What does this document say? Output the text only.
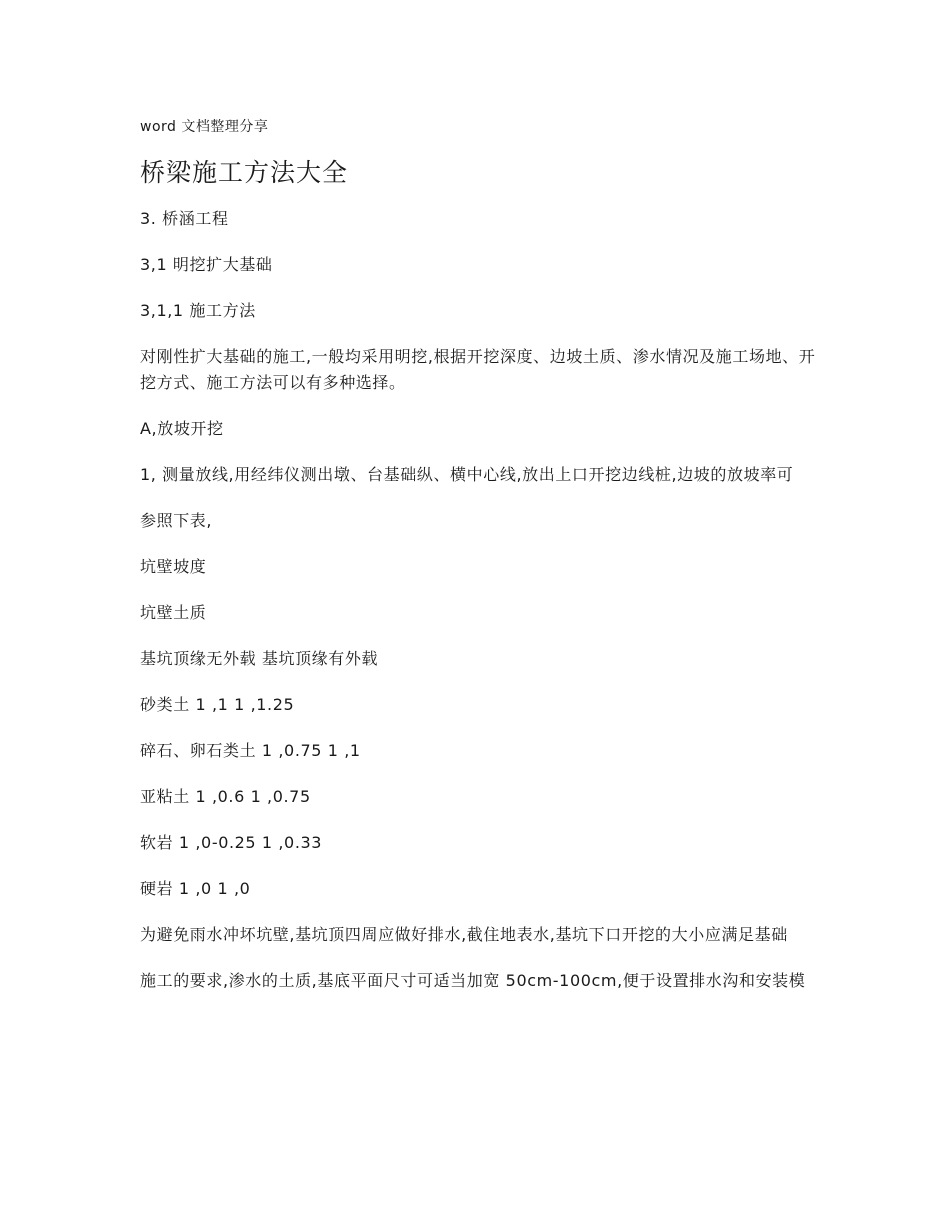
word 文档整理分享
桥梁施工方法大全

3. 桥涵工程

3,1 明挖扩大基础

3,1,1 施工方法

对刚性扩大基础的施工,一般均采用明挖,根据开挖深度、边坡土质、渗水情况及施工场地、开挖方式、施工方法可以有多种选择。

A,放坡开挖

1, 测量放线,用经纬仪测出墩、台基础纵、横中心线,放出上口开挖边线桩,边坡的放坡率可

参照下表,

坑壁坡度

坑壁土质

基坑顶缘无外载 基坑顶缘有外载

砂类土 1 ,1 1 ,1.25

碎石、卵石类土 1 ,0.75 1 ,1

亚粘土 1 ,0.6 1 ,0.75

软岩 1 ,0-0.25 1 ,0.33

硬岩 1 ,0 1 ,0

为避免雨水冲坏坑壁,基坑顶四周应做好排水,截住地表水,基坑下口开挖的大小应满足基础

施工的要求,渗水的土质,基底平面尺寸可适当加宽 50cm-100cm,便于设置排水沟和安装模
